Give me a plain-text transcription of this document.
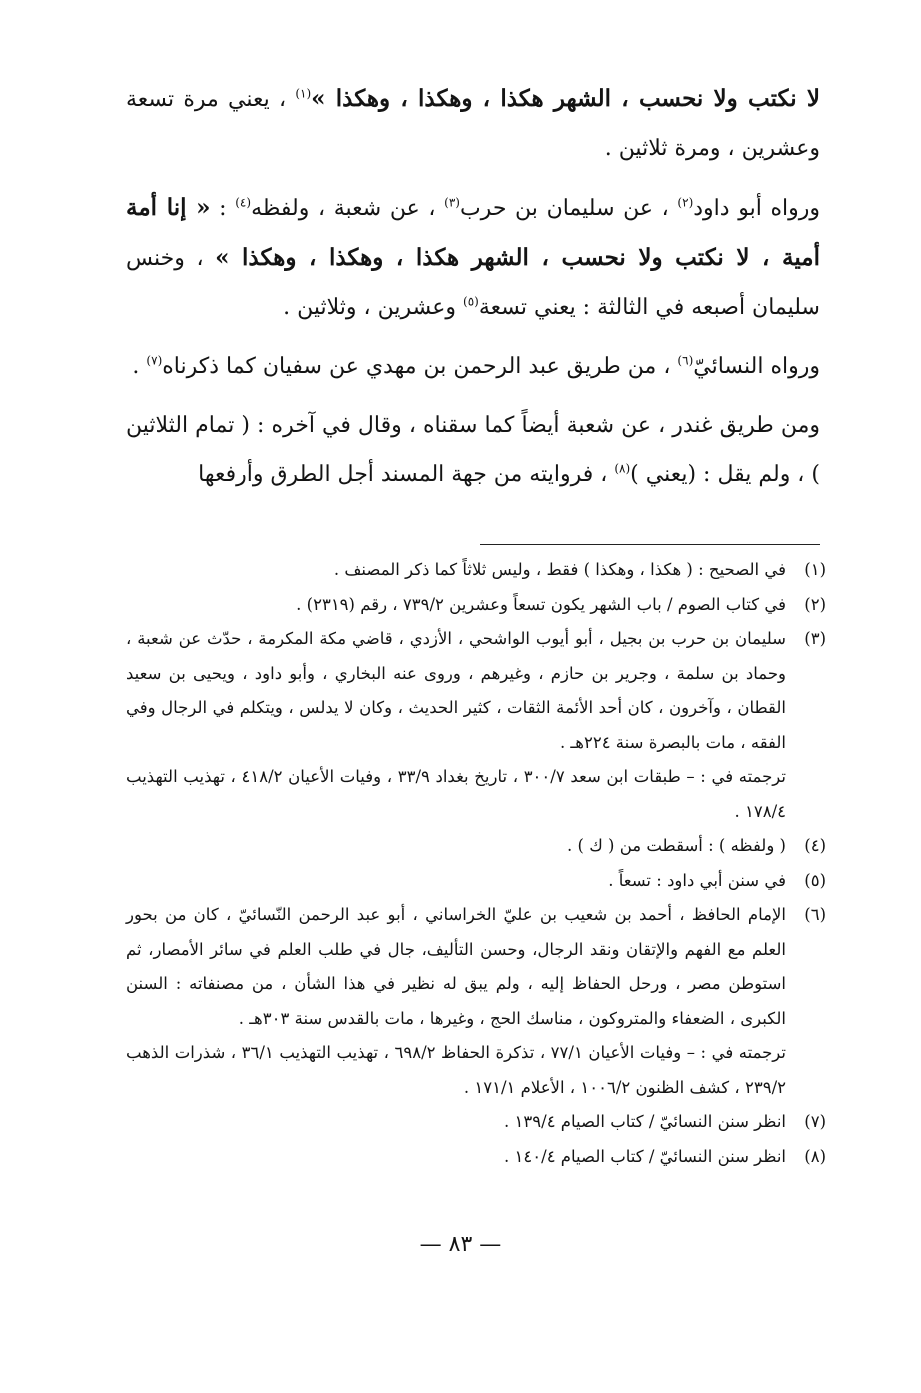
لا نكتب ولا نحسب ، الشهر هكذا ، وهكذا ، وهكذا »$^{(١)}$ ، يعني مرة تسعة وعشرين ، ومرة ثلاثين .

ورواه أبو داود$^{(٢)}$ ، عن سليمان بن حرب$^{(٣)}$ ، عن شعبة ، ولفظه$^{(٤)}$ : « إنا أمة أمية ، لا نكتب ولا نحسب ، الشهر هكذا ، وهكذا ، وهكذا » ، وخنس سليمان أصبعه في الثالثة : يعني تسعة$^{(٥)}$ وعشرين ، وثلاثين .

ورواه النسائيّ$^{(٦)}$ ، من طريق عبد الرحمن بن مهدي عن سفيان كما ذكرناه$^{(٧)}$ .

ومن طريق غندر ، عن شعبة أيضاً كما سقناه ، وقال في آخره : ( تمام الثلاثين ) ، ولم يقل : (يعني )$^{(٨)}$ ، فروايته من جهة المسند أجل الطرق وأرفعها

(١)
في الصحيح : ( هكذا ، وهكذا ) فقط ، وليس ثلاثاً كما ذكر المصنف .
(٢)
في كتاب الصوم / باب الشهر يكون تسعاً وعشرين ٧٣٩/٢ ، رقم (٢٣١٩) .
(٣)
سليمان بن حرب بن بجيل ، أبو أيوب الواشحي ، الأزدي ، قاضي مكة المكرمة ، حدّث عن شعبة ، وحماد بن سلمة ، وجرير بن حازم ، وغيرهم ، وروى عنه البخاري ، وأبو داود ، ويحيى بن سعيد القطان ، وآخرون ، كان أحد الأئمة الثقات ، كثير الحديث ، وكان لا يدلس ، ويتكلم في الرجال وفي الفقه ، مات بالبصرة سنة ٢٢٤هـ .
ترجمته في : – طبقات ابن سعد ٣٠٠/٧ ، تاريخ بغداد ٣٣/٩ ، وفيات الأعيان ٤١٨/٢ ، تهذيب التهذيب ١٧٨/٤ .
(٤)
( ولفظه ) : أسقطت من ( ك ) .
(٥)
في سنن أبي داود : تسعاً .
(٦)
الإمام الحافظ ، أحمد بن شعيب بن عليّ الخراساني ، أبو عبد الرحمن النّسائيّ ، كان من بحور العلم مع الفهم والإتقان ونقد الرجال، وحسن التأليف، جال في طلب العلم في سائر الأمصار، ثم استوطن مصر ، ورحل الحفاظ إليه ، ولم يبق له نظير في هذا الشأن ، من مصنفاته : السنن الكبرى ، الضعفاء والمتروكون ، مناسك الحج ، وغيرها ، مات بالقدس سنة ٣٠٣هـ .
ترجمته في : – وفيات الأعيان ٧٧/١ ، تذكرة الحفاظ ٦٩٨/٢ ، تهذيب التهذيب ٣٦/١ ، شذرات الذهب ٢٣٩/٢ ، كشف الظنون ١٠٠٦/٢ ، الأعلام ١٧١/١ .
(٧)
انظر سنن النسائيّ / كتاب الصيام ١٣٩/٤ .
(٨)
انظر سنن النسائيّ / كتاب الصيام ١٤٠/٤ .
— ٨٣ —
